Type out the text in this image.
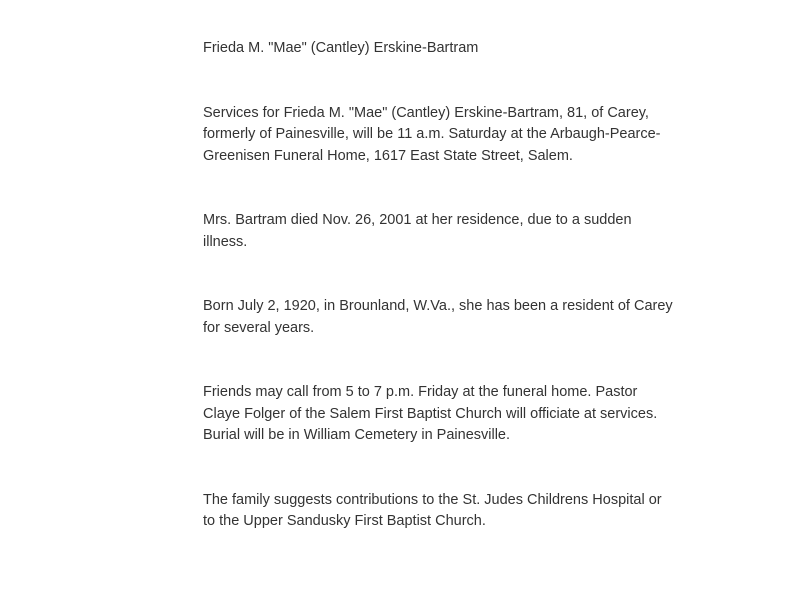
Frieda M. "Mae" (Cantley) Erskine-Bartram

Services for Frieda M. "Mae" (Cantley) Erskine-Bartram, 81, of Carey, formerly of Painesville, will be 11 a.m. Saturday at the Arbaugh-Pearce-Greenisen Funeral Home, 1617 East State Street, Salem.

Mrs. Bartram died Nov. 26, 2001 at her residence, due to a sudden illness.

Born July 2, 1920, in Brounland, W.Va., she has been a resident of Carey for several years.

Friends may call from 5 to 7 p.m. Friday at the funeral home. Pastor Claye Folger of the Salem First Baptist Church will officiate at services. Burial will be in William Cemetery in Painesville.

The family suggests contributions to the St. Judes Childrens Hospital or to the Upper Sandusky First Baptist Church.
